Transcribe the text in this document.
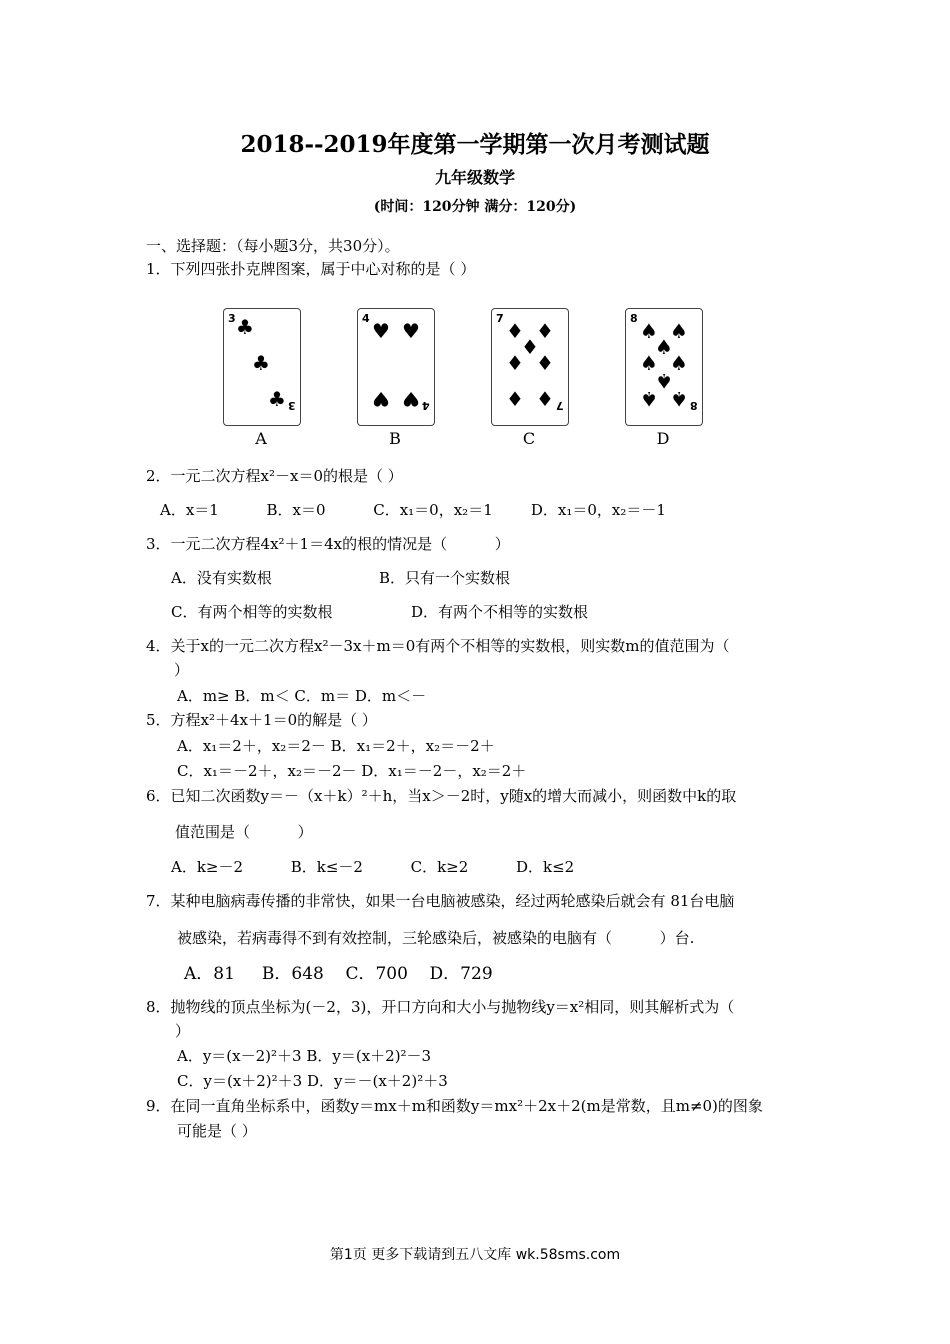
2018--2019年度第一学期第一次月考测试题
九年级数学
(时间：120分钟 满分：120分)
一、选择题：（每小题3分，共30分）。
1．下列四张扑克牌图案，属于中心对称的是（ ）
3 ♣
♣
♣ 3
A
4
♥ ♥
♥ ♥ 4
B
7
♦ ♦
♦ ♦
♦
♦ ♦ 7
C
8
♠ ♠
♠ ♠
♠
♠
♠ ♠ 8
D
2．一元二次方程x²－x＝0的根是（ ）
A．x＝1          B．x＝0          C．x₁＝0，x₂＝1        D．x₁＝0，x₂＝－1
3．一元二次方程4x²＋1＝4x的根的情况是（          ）
A．没有实数根	B．只有一个实数根
C．有两个相等的实数根	D．有两个不相等的实数根
4．关于x的一元二次方程x²－3x＋m＝0有两个不相等的实数根，则实数m的值范围为（
）
A．m≥ B．m＜ C．m＝ D．m＜－
5．方程x²＋4x＋1＝0的解是（ ）
A．x₁＝2＋，x₂＝2－ B．x₁＝2＋，x₂＝－2＋
C．x₁＝－2＋，x₂＝－2－ D．x₁＝－2－，x₂＝2＋
6．已知二次函数y＝－（x＋k）²＋h，当x＞－2时，y随x的增大而减小，则函数中k的取
值范围是（          ）
A．k≥－2          B．k≤－2          C．k≥2          D．k≤2
7．某种电脑病毒传播的非常快，如果一台电脑被感染，经过两轮感染后就会有 81台电脑
被感染，若病毒得不到有效控制，三轮感染后，被感染的电脑有（          ）台.
A．81     B．648    C．700    D．729
8．抛物线的顶点坐标为(－2，3)，开口方向和大小与抛物线y＝x²相同，则其解析式为（
）
A．y＝(x－2)²＋3 B．y＝(x＋2)²－3
C．y＝(x＋2)²＋3 D．y＝－(x＋2)²＋3
9．在同一直角坐标系中，函数y＝mx＋m和函数y＝mx²＋2x＋2(m是常数，且m≠0)的图象
可能是（ ）
第1页 更多下载请到五八文库 wk.58sms.com
